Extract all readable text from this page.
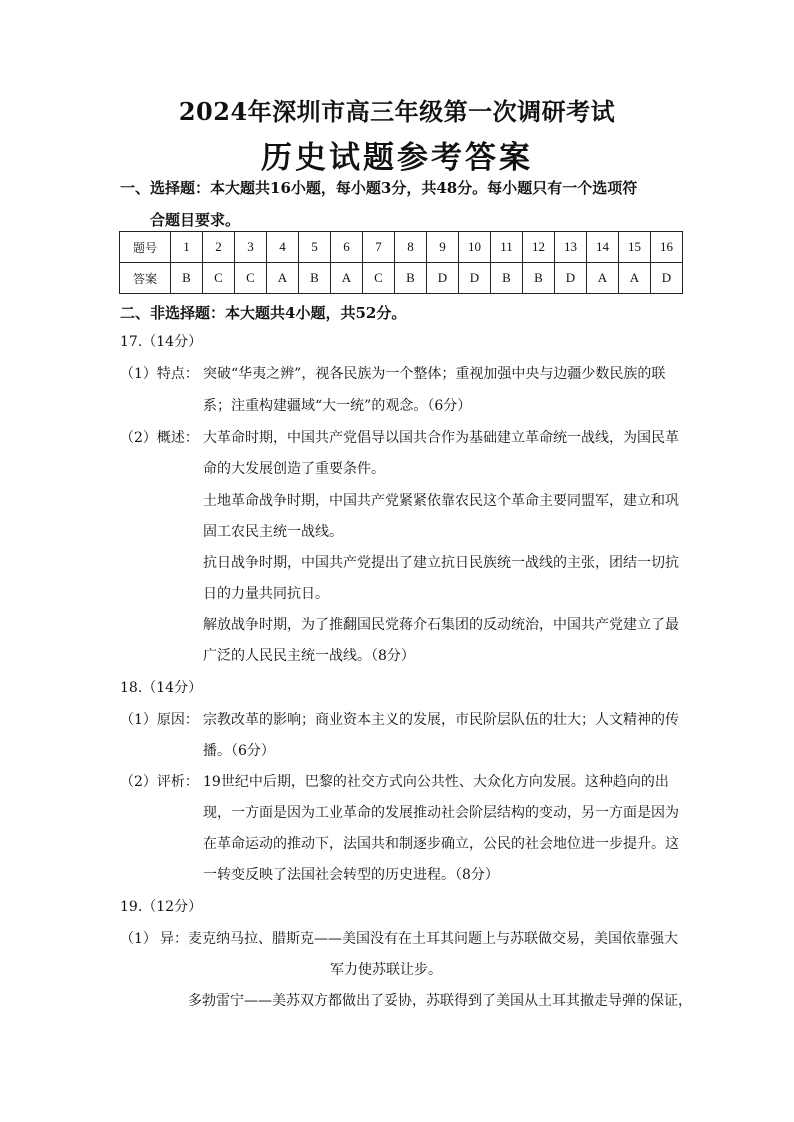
2024年深圳市高三年级第一次调研考试
历史试题参考答案
一、选择题：本大题共16小题，每小题3分，共48分。每小题只有一个选项符
合题目要求。
题号	1	2	3	4	5	6	7	8	9	10	11	12	13	14	15	16
答案	B	C	C	A	B	A	C	B	D	D	B	B	D	A	A	D
二、非选择题：本大题共4小题，共52分。
17.（14分）
（1）特点： 突破“华夷之辨”，视各民族为一个整体；重视加强中央与边疆少数民族的联
系；注重构建疆域“大一统”的观念。（6分）
（2）概述： 大革命时期，中国共产党倡导以国共合作为基础建立革命统一战线，为国民革
命的大发展创造了重要条件。
土地革命战争时期，中国共产党紧紧依靠农民这个革命主要同盟军，建立和巩
固工农民主统一战线。
抗日战争时期，中国共产党提出了建立抗日民族统一战线的主张，团结一切抗
日的力量共同抗日。
解放战争时期，为了推翻国民党蒋介石集团的反动统治，中国共产党建立了最
广泛的人民民主统一战线。（8分）
18.（14分）
（1）原因： 宗教改革的影响；商业资本主义的发展，市民阶层队伍的壮大；人文精神的传
播。（6分）
（2）评析： 19世纪中后期，巴黎的社交方式向公共性、大众化方向发展。这种趋向的出
现，一方面是因为工业革命的发展推动社会阶层结构的变动，另一方面是因为
在革命运动的推动下，法国共和制逐步确立，公民的社会地位进一步提升。这
一转变反映了法国社会转型的历史进程。（8分）
19.（12分）
（1） 异：麦克纳马拉、腊斯克——美国没有在土耳其问题上与苏联做交易，美国依靠强大
军力使苏联让步。
多勃雷宁——美苏双方都做出了妥协，苏联得到了美国从土耳其撤走导弹的保证，
